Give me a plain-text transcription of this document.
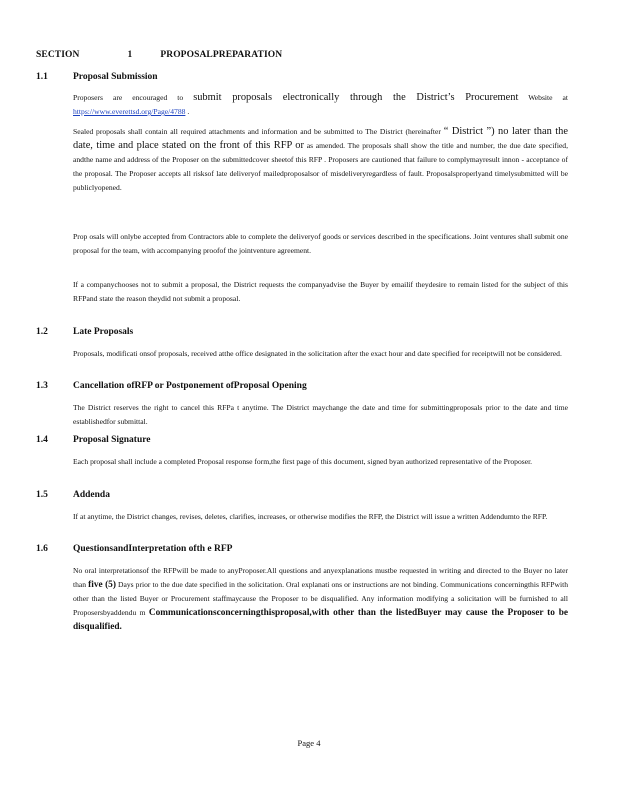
SECTION	1	PROPOSALPREPARATION
1.1	Proposal Submission
Proposers are encouraged to submit proposals electronically through the District’s Procurement Website at https://www.everettsd.org/Page/4788 .
Sealed proposals shall contain all required attachments and information and be submitted to The District (hereinafter “ District ”) no later than the date, time and place stated on the front of this RFP or as amended. The proposals shall show the title and number, the due date specified, andthe name and address of the Proposer on the submittedcover sheetof this RFP . Proposers are cautioned that failure to complymayresult innon - acceptance of the proposal. The Proposer accepts all risksof late deliveryof mailedproposalsor of misdeliveryregardless of fault. Proposalsproperlyand timelysubmitted will be publiclyopened.
Prop osals will onlybe accepted from Contractors able to complete the deliveryof goods or services described in the specifications. Joint ventures shall submit one proposal for the team, with accompanying proofof the jointventure agreement.
If a companychooses not to submit a proposal, the District requests the companyadvise the Buyer by emailif theydesire to remain listed for the subject of this RFPand state the reason theydid not submit a proposal.
1.2	Late Proposals
Proposals, modificati onsof proposals, received atthe office designated in the solicitation after the exact hour and date specified for receiptwill not be considered.
1.3	Cancellation ofRFP or Postponement ofProposal Opening
The District reserves the right to cancel this RFPa t anytime. The District maychange the date and time for submittingproposals prior to the date and time establishedfor submittal.
1.4	Proposal Signature
Each proposal shall include a completed Proposal response form,the first page of this document, signed byan authorized representative of the Proposer.
1.5	Addenda
If at anytime, the District changes, revises, deletes, clarifies, increases, or otherwise modifies the RFP, the District will issue a written Addendumto the RFP.
1.6	QuestionsandInterpretation ofth e RFP
No oral interpretationsof the RFPwill be made to anyProposer.All questions and anyexplanations mustbe requested in writing and directed to the Buyer no later than five (5) Days prior to the due date specified in the solicitation. Oral explanati ons or instructions are not binding. Communications concerningthis RFPwith other than the listed Buyer or Procurement staffmaycause the Proposer to be disqualified. Any information modifying a solicitation will be furnished to all Proposersbyaddendu m Communicationsconcerningthisproposal,with other than the listedBuyer may cause the Proposer to be disqualified.
Page 4
